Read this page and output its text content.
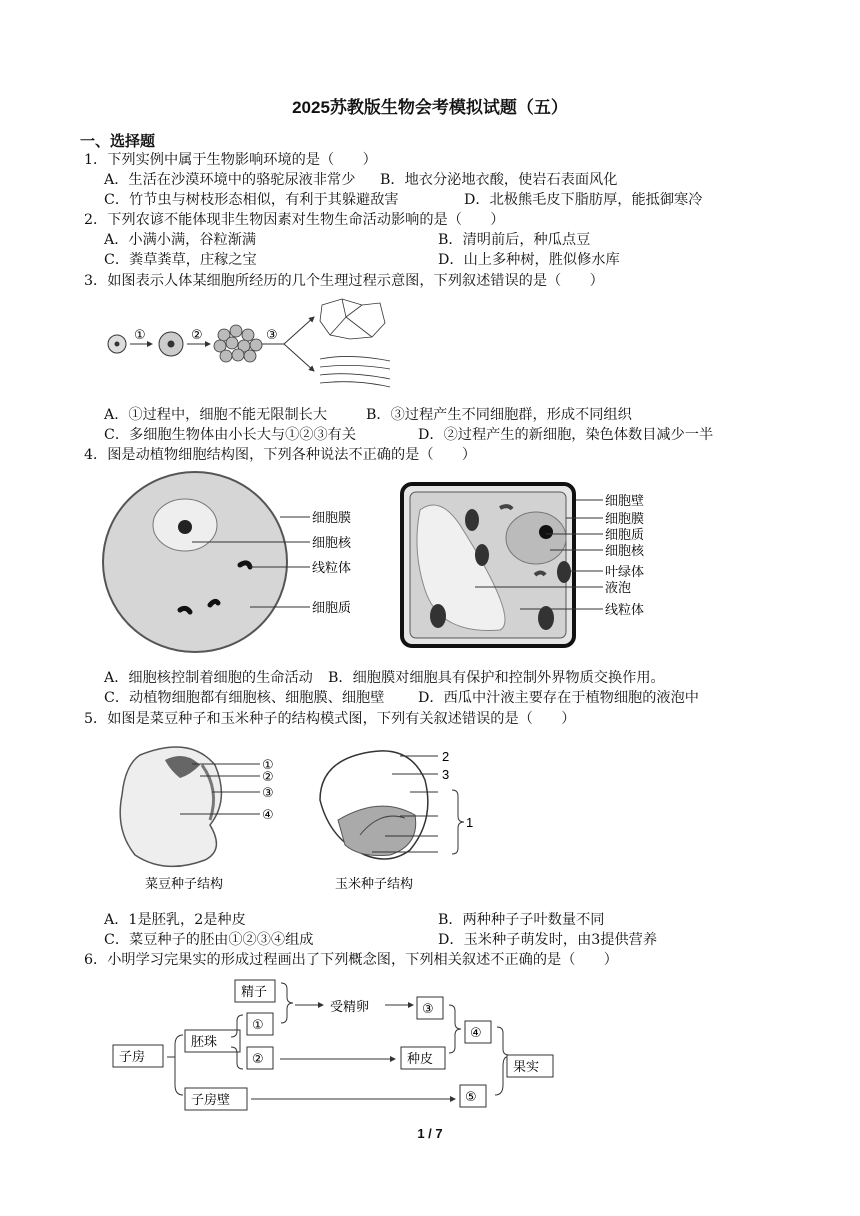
2025苏教版生物会考模拟试题（五）
一、选择题
1．下列实例中属于生物影响环境的是（　　）
A．生活在沙漠环境中的骆驼尿液非常少 B．地衣分泌地衣酸，使岩石表面风化
C．竹节虫与树枝形态相似，有利于其躲避敌害	D．北极熊毛皮下脂肪厚，能抵御寒冷
2．下列农谚不能体现非生物因素对生物生命活动影响的是（　　）
A．小满小满，谷粒渐满	B．清明前后，种瓜点豆
C．粪草粪草，庄稼之宝	D．山上多种树，胜似修水库
3．如图表示人体某细胞所经历的几个生理过程示意图，下列叙述错误的是（　　）
①	②	③
A．①过程中，细胞不能无限制长大	B．③过程产生不同细胞群，形成不同组织
C．多细胞生物体由小长大与①②③有关	D．②过程产生的新细胞，染色体数目减少一半
4．图是动植物细胞结构图，下列各种说法不正确的是（　　）
细胞膜
细胞核
线粒体
细胞质
细胞壁
细胞膜
细胞质
细胞核
叶绿体
液泡
线粒体
A．细胞核控制着细胞的生命活动 B．细胞膜对细胞具有保护和控制外界物质交换作用。
C．动植物细胞都有细胞核、细胞膜、细胞壁 D．西瓜中汁液主要存在于植物细胞的液泡中
5．如图是菜豆种子和玉米种子的结构模式图，下列有关叙述错误的是（　　）
①
②
③
④
菜豆种子结构
2
3
1
玉米种子结构
A．1是胚乳，2是种皮	B．两种种子子叶数量不同
C．菜豆种子的胚由①②③④组成	D．玉米种子萌发时，由3提供营养
6．小明学习完果实的形成过程画出了下列概念图，下列相关叙述不正确的是（　　）
精子
①
胚珠
②
子房
子房壁
受精卵	③
种皮
④
果实
⑤
1 / 7
